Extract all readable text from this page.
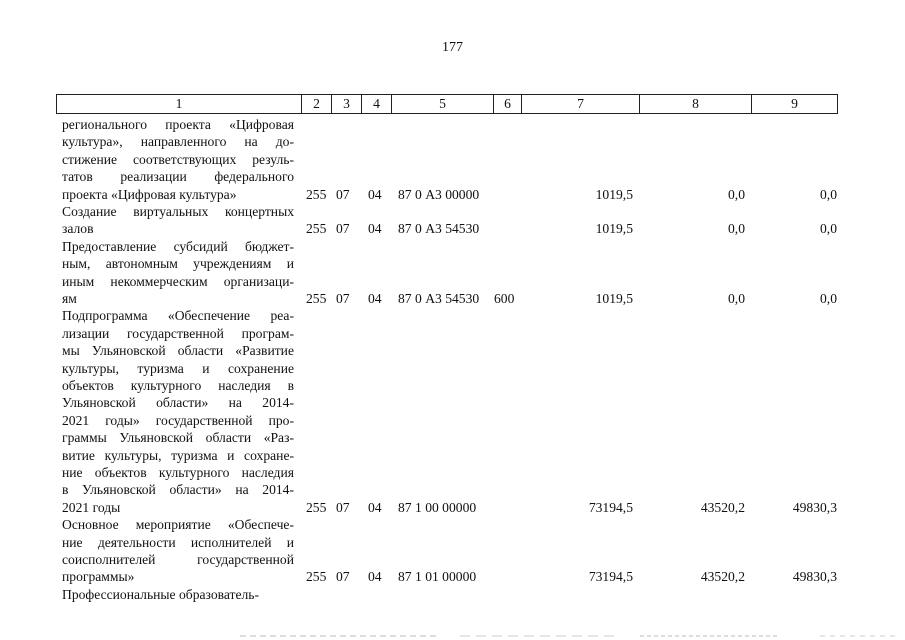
177
1	2	3	4	5	6	7	8	9
регионального проекта «Цифровая
культура», направленного на до-
стижение соответствующих резуль-
татов реализации федерального
проекта «Цифровая культура»	255 07 04 87 0 А3 00000	1019,5	0,0	0,0
Создание виртуальных концертных
залов	255 07 04 87 0 А3 54530	1019,5	0,0	0,0
Предоставление субсидий бюджет-
ным, автономным учреждениям и
иным некоммерческим организаци-
ям	255 07 04 87 0 А3 54530 600	1019,5	0,0	0,0
Подпрограмма «Обеспечение реа-
лизации государственной програм-
мы Ульяновской области «Развитие
культуры, туризма и сохранение
объектов культурного наследия в
Ульяновской области» на 2014-
2021 годы» государственной про-
граммы Ульяновской области «Раз-
витие культуры, туризма и сохране-
ние объектов культурного наследия
в Ульяновской области» на 2014-
2021 годы	255 07 04 87 1 00 00000	73194,5	43520,2	49830,3
Основное мероприятие «Обеспече-
ние деятельности исполнителей и
соисполнителей государственной
программы»	255 07 04 87 1 01 00000	73194,5	43520,2	49830,3
Профессиональные образователь-
